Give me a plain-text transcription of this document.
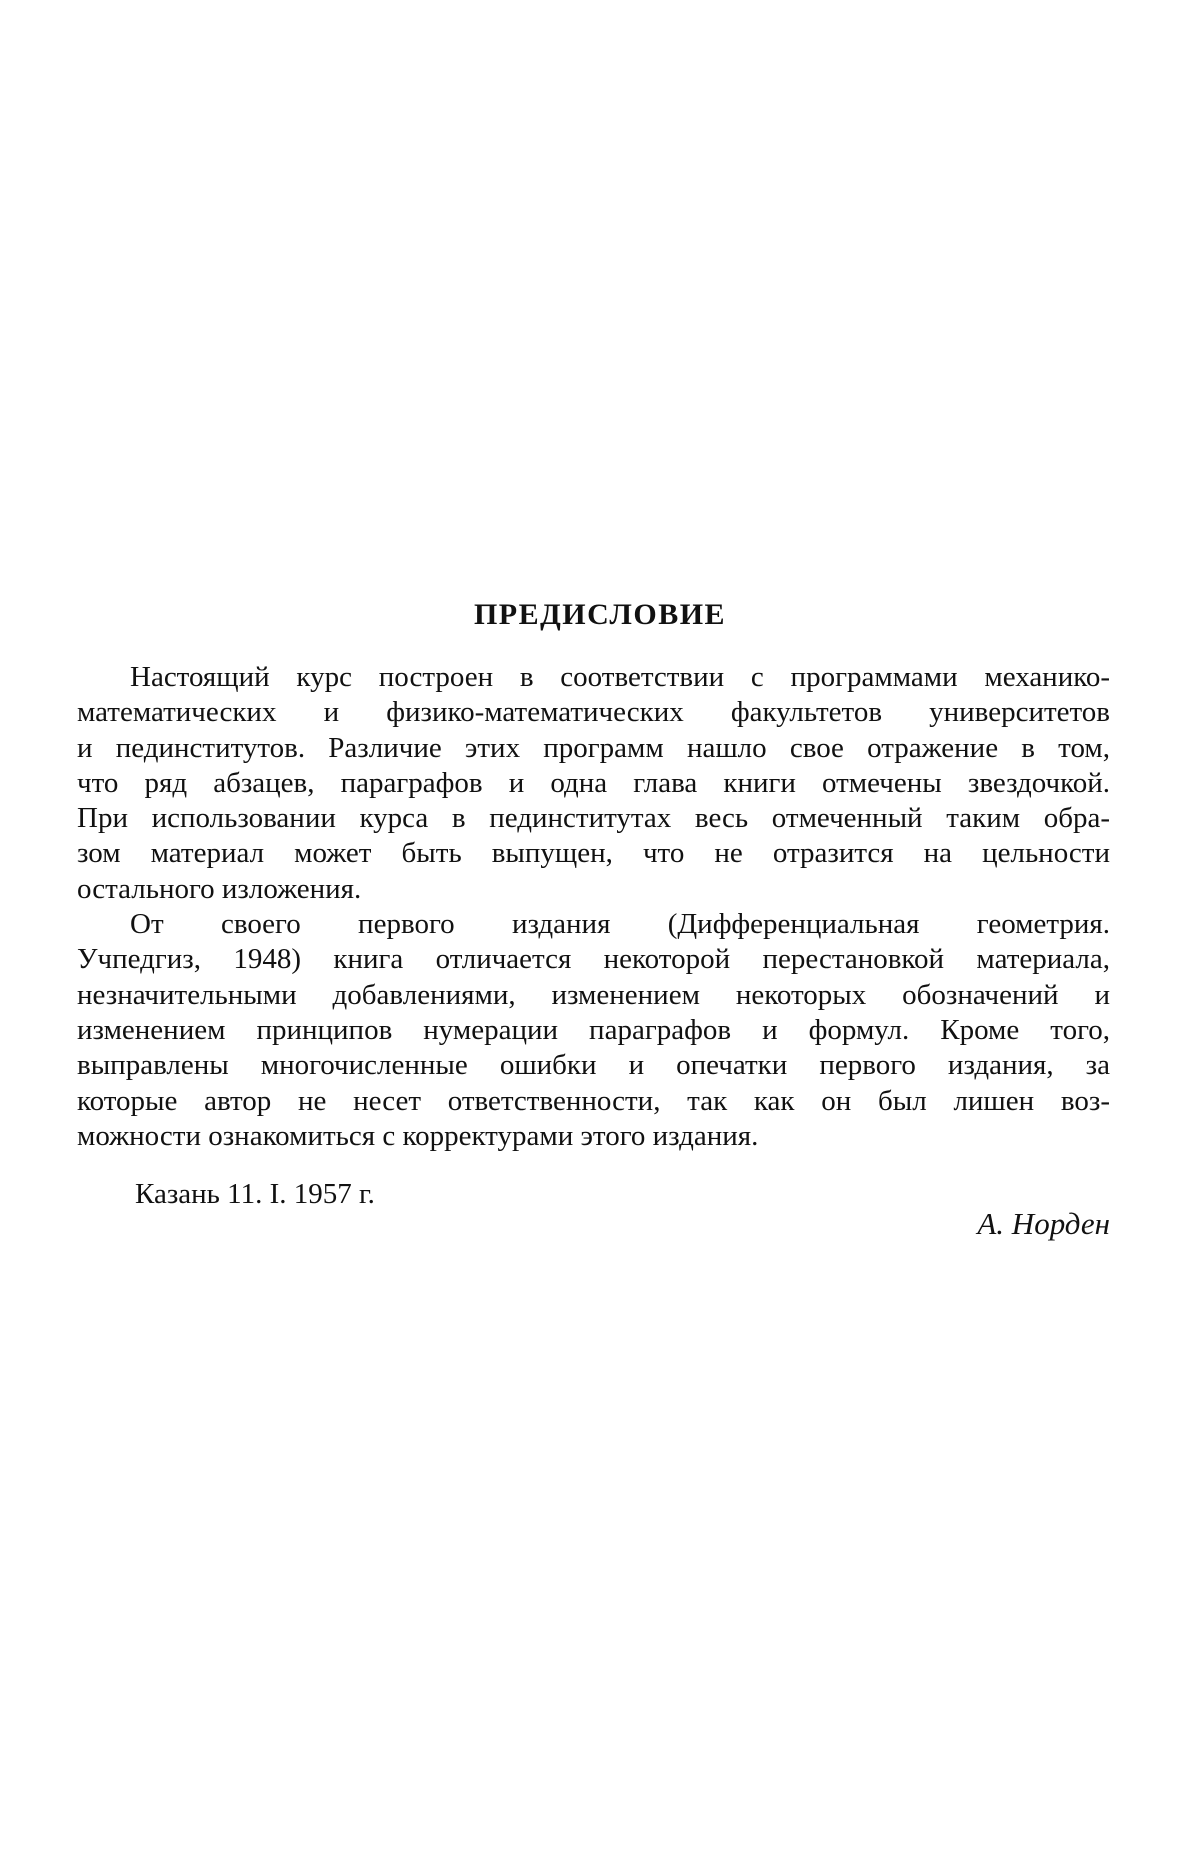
ПРЕДИСЛОВИЕ
Настоящий курс построен в соответствии с программами механико-
математических и физико-математических факультетов университетов
и пединститутов. Различие этих программ нашло свое отражение в том,
что ряд абзацев, параграфов и одна глава книги отмечены звездочкой.
При использовании курса в пединститутах весь отмеченный таким обра-
зом материал может быть выпущен, что не отразится на цельности
остального изложения.
От своего первого издания (Дифференциальная геометрия.
Учпедгиз, 1948) книга отличается некоторой перестановкой материала,
незначительными добавлениями, изменением некоторых обозначений и
изменением принципов нумерации параграфов и формул. Кроме того,
выправлены многочисленные ошибки и опечатки первого издания, за
которые автор не несет ответственности, так как он был лишен воз-
можности ознакомиться с корректурами этого издания.
Казань 11. I. 1957 г.
А. Норден
